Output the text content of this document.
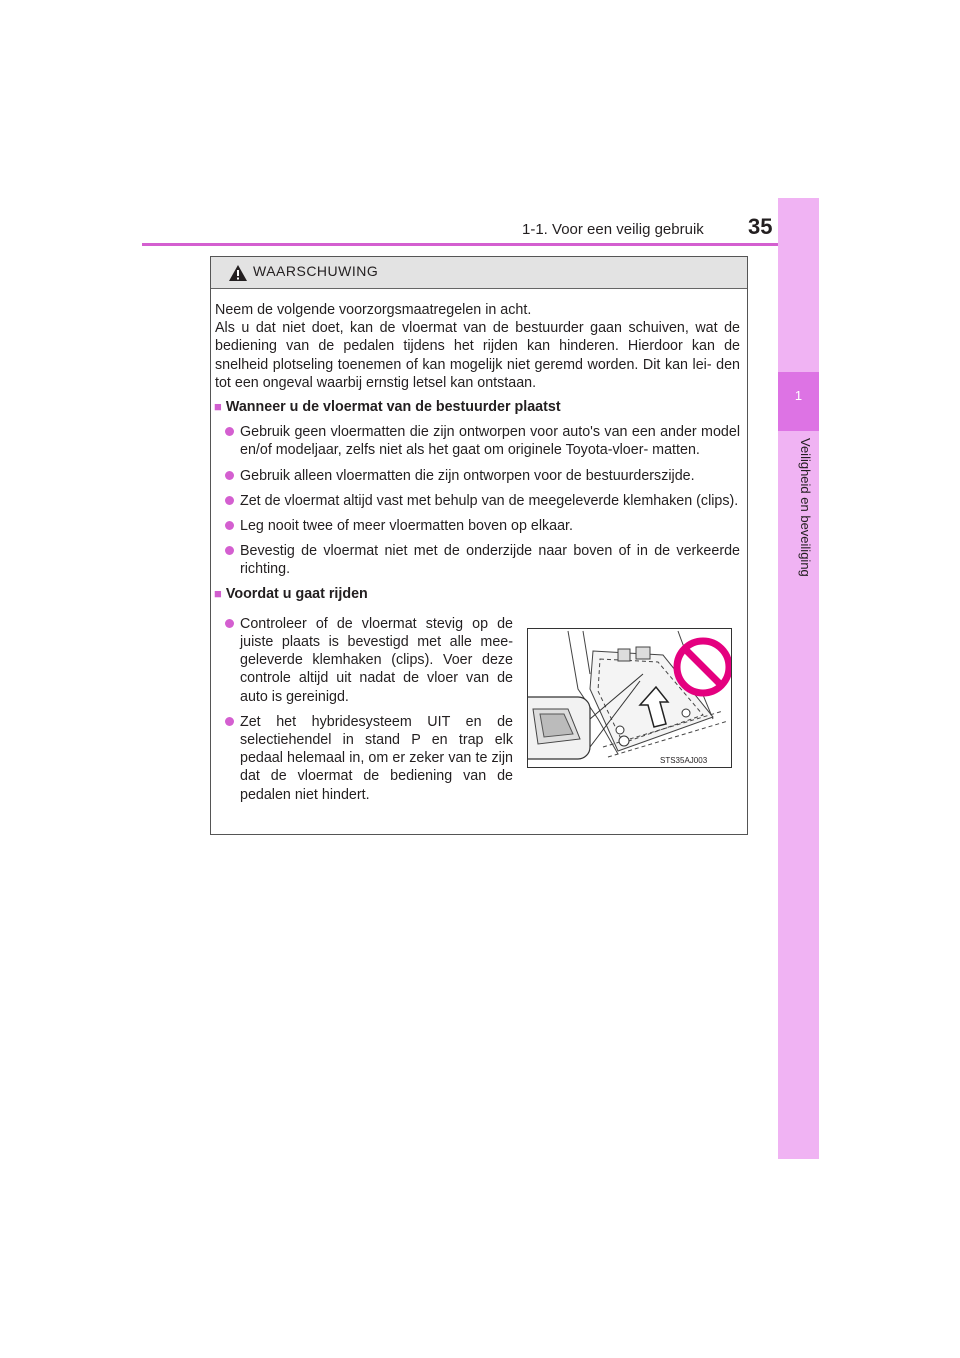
1-1. Voor een veilig gebruik 35
1
Veiligheid en beveiliging
WAARSCHUWING

Neem de volgende voorzorgsmaatregelen in acht.

Als u dat niet doet, kan de vloermat van de bestuurder gaan schuiven, wat de bediening van de pedalen tijdens het rijden kan hinderen. Hierdoor kan de snelheid plotseling toenemen of kan mogelijk niet geremd worden. Dit kan lei- den tot een ongeval waarbij ernstig letsel kan ontstaan.

■ Wanneer u de vloermat van de bestuurder plaatst
Gebruik geen vloermatten die zijn ontworpen voor auto's van een ander model en/of modeljaar, zelfs niet als het gaat om originele Toyota-vloer- matten.
Gebruik alleen vloermatten die zijn ontworpen voor de bestuurderszijde.
Zet de vloermat altijd vast met behulp van de meegeleverde klemhaken (clips).
Leg nooit twee of meer vloermatten boven op elkaar.
Bevestig de vloermat niet met de onderzijde naar boven of in de verkeerde richting.
■ Voordat u gaat rijden
Controleer of de vloermat stevig op de juiste plaats is bevestigd met alle mee- geleverde klemhaken (clips). Voer deze controle altijd uit nadat de vloer van de auto is gereinigd.
Zet het hybridesysteem UIT en de selectiehendel in stand P en trap elk pedaal helemaal in, om er zeker van te zijn dat de vloermat de bediening van de pedalen niet hindert.
STS35AJ003
